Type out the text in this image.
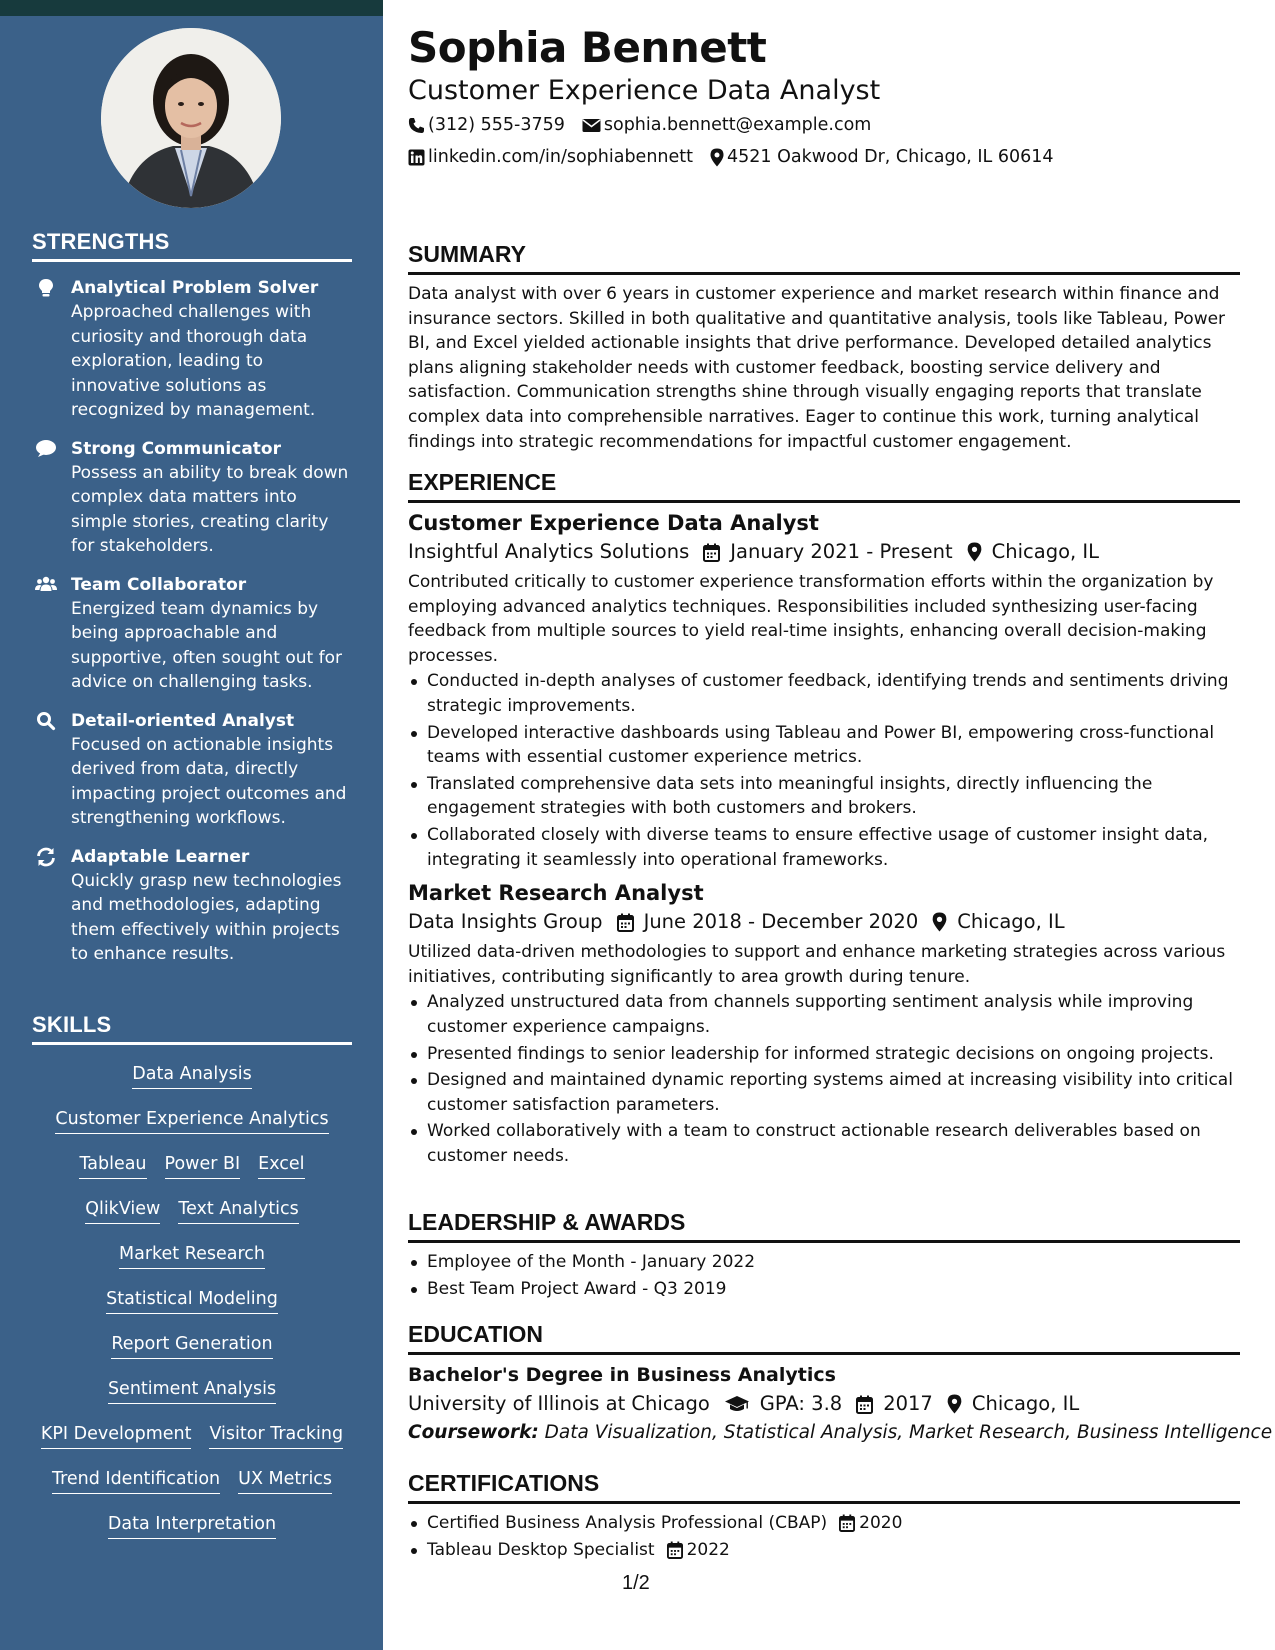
STRENGTHS
Analytical Problem Solver
Approached challenges with curiosity and thorough data exploration, leading to innovative solutions as recognized by management.
Strong Communicator
Possess an ability to break down complex data matters into simple stories, creating clarity for stakeholders.
Team Collaborator
Energized team dynamics by being approachable and supportive, often sought out for advice on challenging tasks.
Detail-oriented Analyst
Focused on actionable insights derived from data, directly impacting project outcomes and strengthening workflows.
Adaptable Learner
Quickly grasp new technologies and methodologies, adapting them effectively within projects to enhance results.
SKILLS
Data Analysis
Customer Experience Analytics
Tableau Power BI Excel
QlikView Text Analytics
Market Research
Statistical Modeling
Report Generation
Sentiment Analysis
KPI Development Visitor Tracking
Trend Identification UX Metrics
Data Interpretation
Sophia Bennett
Customer Experience Data Analyst
(312) 555-3759 sophia.bennett@example.com
linkedin.com/in/sophiabennett 4521 Oakwood Dr, Chicago, IL 60614
SUMMARY
Data analyst with over 6 years in customer experience and market research within finance and insurance sectors. Skilled in both qualitative and quantitative analysis, tools like Tableau, Power BI, and Excel yielded actionable insights that drive performance. Developed detailed analytics plans aligning stakeholder needs with customer feedback, boosting service delivery and satisfaction. Communication strengths shine through visually engaging reports that translate complex data into comprehensible narratives. Eager to continue this work, turning analytical findings into strategic recommendations for impactful customer engagement.
EXPERIENCE
Customer Experience Data Analyst
Insightful Analytics Solutions January 2021 - Present Chicago, IL
Contributed critically to customer experience transformation efforts within the organization by employing advanced analytics techniques. Responsibilities included synthesizing user-facing feedback from multiple sources to yield real-time insights, enhancing overall decision-making processes.
Conducted in-depth analyses of customer feedback, identifying trends and sentiments driving strategic improvements.
Developed interactive dashboards using Tableau and Power BI, empowering cross-functional teams with essential customer experience metrics.
Translated comprehensive data sets into meaningful insights, directly influencing the engagement strategies with both customers and brokers.
Collaborated closely with diverse teams to ensure effective usage of customer insight data, integrating it seamlessly into operational frameworks.
Market Research Analyst
Data Insights Group June 2018 - December 2020 Chicago, IL
Utilized data-driven methodologies to support and enhance marketing strategies across various initiatives, contributing significantly to area growth during tenure.
Analyzed unstructured data from channels supporting sentiment analysis while improving customer experience campaigns.
Presented findings to senior leadership for informed strategic decisions on ongoing projects.
Designed and maintained dynamic reporting systems aimed at increasing visibility into critical customer satisfaction parameters.
Worked collaboratively with a team to construct actionable research deliverables based on customer needs.
LEADERSHIP & AWARDS
Employee of the Month - January 2022
Best Team Project Award - Q3 2019
EDUCATION
Bachelor's Degree in Business Analytics
University of Illinois at Chicago	GPA: 3.8 2017 Chicago, IL
Coursework: Data Visualization, Statistical Analysis, Market Research, Business Intelligence
CERTIFICATIONS
Certified Business Analysis Professional (CBAP) 2020
Tableau Desktop Specialist 2022
1/2
